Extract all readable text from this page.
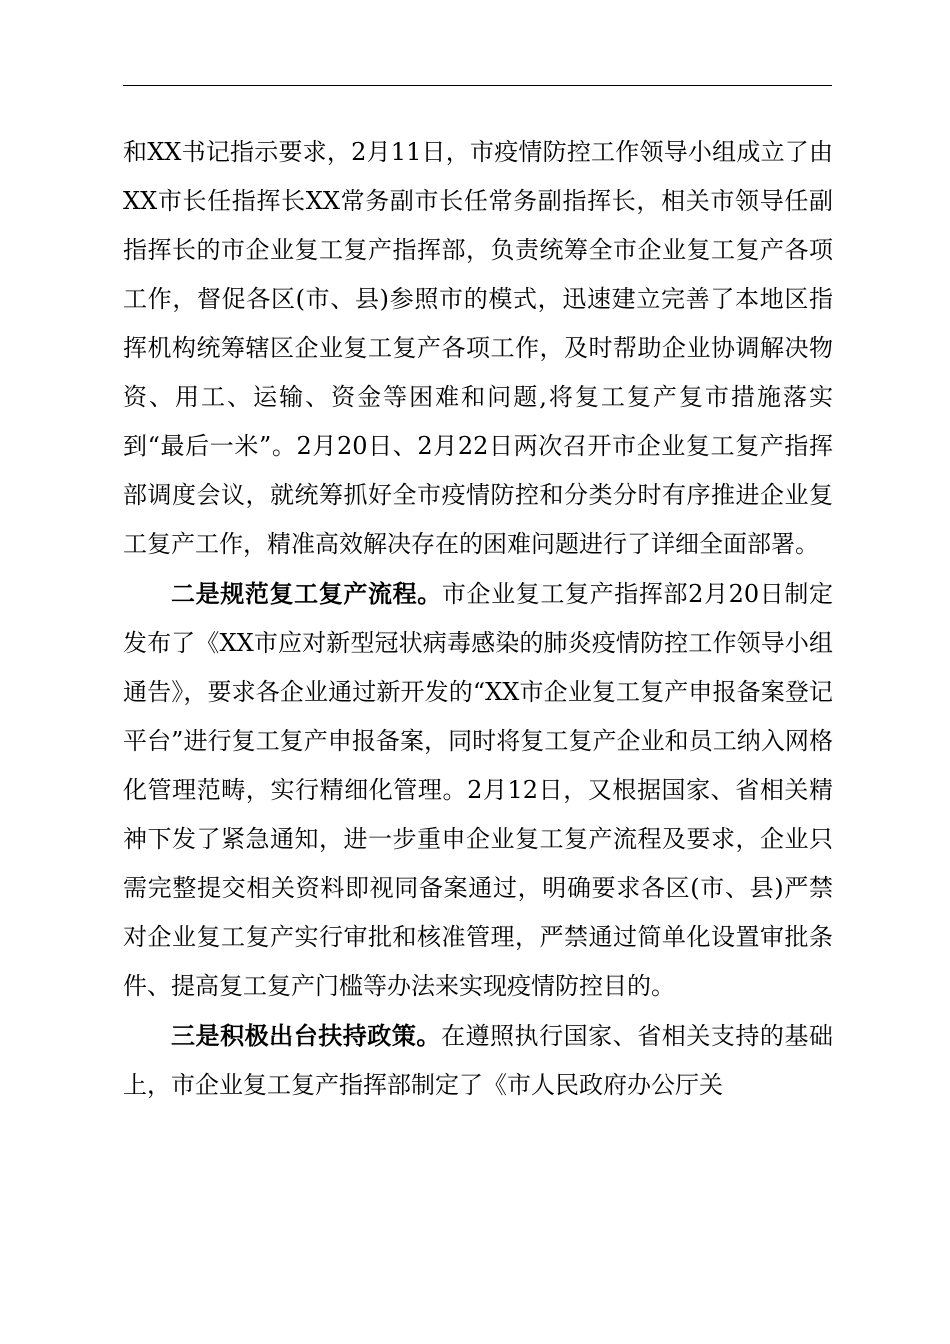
和XX书记指示要求，2月11日，市疫情防控工作领导小组成立了由XX市长任指挥长XX常务副市长任常务副指挥长，相关市领导任副指挥长的市企业复工复产指挥部，负责统筹全市企业复工复产各项工作，督促各区(市、县)参照市的模式，迅速建立完善了本地区指挥机构统筹辖区企业复工复产各项工作，及时帮助企业协调解决物资、用工、运输、资金等困难和问题,将复工复产复市措施落实到“最后一米”。2月20日、2月22日两次召开市企业复工复产指挥部调度会议，就统筹抓好全市疫情防控和分类分时有序推进企业复工复产工作，精准高效解决存在的困难问题进行了详细全面部署。

二是规范复工复产流程。市企业复工复产指挥部2月20日制定发布了《XX市应对新型冠状病毒感染的肺炎疫情防控工作领导小组通告》，要求各企业通过新开发的“XX市企业复工复产申报备案登记平台”进行复工复产申报备案，同时将复工复产企业和员工纳入网格化管理范畴，实行精细化管理。2月12日，又根据国家、省相关精神下发了紧急通知，进一步重申企业复工复产流程及要求，企业只需完整提交相关资料即视同备案通过，明确要求各区(市、县)严禁对企业复工复产实行审批和核准管理，严禁通过简单化设置审批条件、提高复工复产门槛等办法来实现疫情防控目的。

三是积极出台扶持政策。在遵照执行国家、省相关支持的基础上，市企业复工复产指挥部制定了《市人民政府办公厅关
